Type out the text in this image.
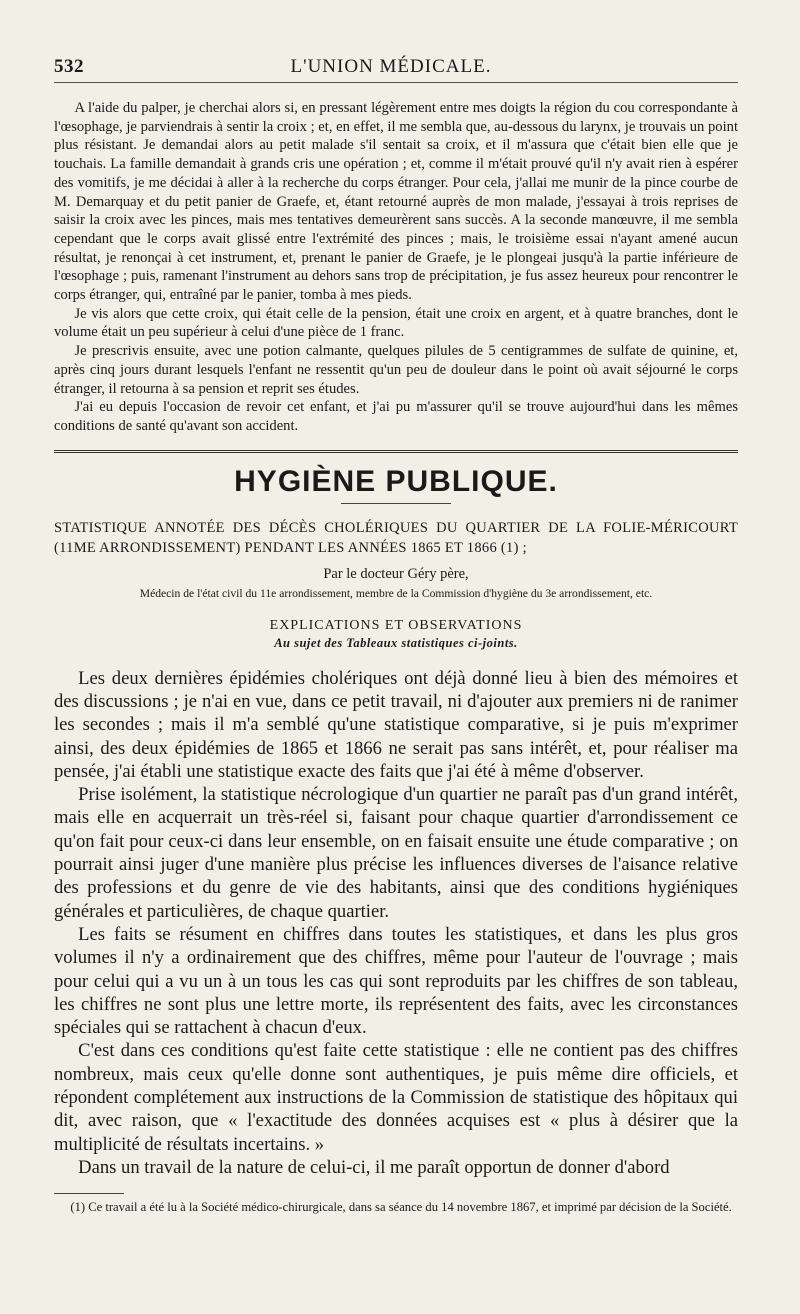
532	L'UNION MÉDICALE.

A l'aide du palper, je cherchai alors si, en pressant légèrement entre mes doigts la région du cou correspondante à l'œsophage, je parviendrais à sentir la croix ; et, en effet, il me sembla que, au-dessous du larynx, je trouvais un point plus résistant. Je demandai alors au petit malade s'il sentait sa croix, et il m'assura que c'était bien elle que je touchais. La famille demandait à grands cris une opération ; et, comme il m'était prouvé qu'il n'y avait rien à espérer des vomitifs, je me décidai à aller à la recherche du corps étranger. Pour cela, j'allai me munir de la pince courbe de M. Demarquay et du petit panier de Graefe, et, étant retourné auprès de mon malade, j'essayai à trois reprises de saisir la croix avec les pinces, mais mes tentatives demeurèrent sans succès. A la seconde manœuvre, il me sembla cependant que le corps avait glissé entre l'extrémité des pinces ; mais, le troisième essai n'ayant amené aucun résultat, je renonçai à cet instrument, et, prenant le panier de Graefe, je le plongeai jusqu'à la partie inférieure de l'œsophage ; puis, ramenant l'instrument au dehors sans trop de précipitation, je fus assez heureux pour rencontrer le corps étranger, qui, entraîné par le panier, tomba à mes pieds.

Je vis alors que cette croix, qui était celle de la pension, était une croix en argent, et à quatre branches, dont le volume était un peu supérieur à celui d'une pièce de 1 franc.

Je prescrivis ensuite, avec une potion calmante, quelques pilules de 5 centigrammes de sulfate de quinine, et, après cinq jours durant lesquels l'enfant ne ressentit qu'un peu de douleur dans le point où avait séjourné le corps étranger, il retourna à sa pension et reprit ses études.

J'ai eu depuis l'occasion de revoir cet enfant, et j'ai pu m'assurer qu'il se trouve aujourd'hui dans les mêmes conditions de santé qu'avant son accident.

HYGIÈNE PUBLIQUE.

STATISTIQUE ANNOTÉE DES DÉCÈS CHOLÉRIQUES DU QUARTIER DE LA FOLIE-MÉRICOURT (11ME ARRONDISSEMENT) PENDANT LES ANNÉES 1865 ET 1866 (1) ;

Par le docteur Géry père,
Médecin de l'état civil du 11e arrondissement, membre de la Commission d'hygiène du 3e arrondissement, etc.
EXPLICATIONS ET OBSERVATIONS
Au sujet des Tableaux statistiques ci-joints.

Les deux dernières épidémies cholériques ont déjà donné lieu à bien des mémoires et des discussions ; je n'ai en vue, dans ce petit travail, ni d'ajouter aux premiers ni de ranimer les secondes ; mais il m'a semblé qu'une statistique comparative, si je puis m'exprimer ainsi, des deux épidémies de 1865 et 1866 ne serait pas sans intérêt, et, pour réaliser ma pensée, j'ai établi une statistique exacte des faits que j'ai été à même d'observer.

Prise isolément, la statistique nécrologique d'un quartier ne paraît pas d'un grand intérêt, mais elle en acquerrait un très-réel si, faisant pour chaque quartier d'arrondissement ce qu'on fait pour ceux-ci dans leur ensemble, on en faisait ensuite une étude comparative ; on pourrait ainsi juger d'une manière plus précise les influences diverses de l'aisance relative des professions et du genre de vie des habitants, ainsi que des conditions hygiéniques générales et particulières, de chaque quartier.

Les faits se résument en chiffres dans toutes les statistiques, et dans les plus gros volumes il n'y a ordinairement que des chiffres, même pour l'auteur de l'ouvrage ; mais pour celui qui a vu un à un tous les cas qui sont reproduits par les chiffres de son tableau, les chiffres ne sont plus une lettre morte, ils représentent des faits, avec les circonstances spéciales qui se rattachent à chacun d'eux.

C'est dans ces conditions qu'est faite cette statistique : elle ne contient pas des chiffres nombreux, mais ceux qu'elle donne sont authentiques, je puis même dire officiels, et répondent complétement aux instructions de la Commission de statistique des hôpitaux qui dit, avec raison, que « l'exactitude des données acquises est « plus à désirer que la multiplicité de résultats incertains. »

Dans un travail de la nature de celui-ci, il me paraît opportun de donner d'abord

(1) Ce travail a été lu à la Société médico-chirurgicale, dans sa séance du 14 novembre 1867, et imprimé par décision de la Société.
